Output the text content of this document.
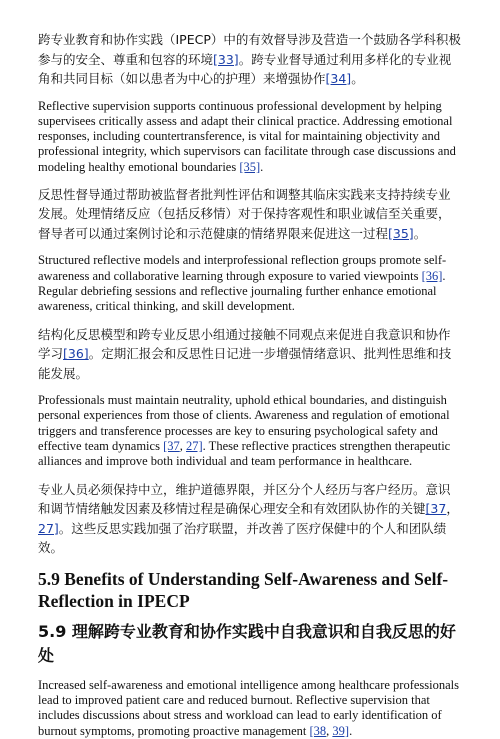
跨专业教育和协作实践（IPECP）中的有效督导涉及营造一个鼓励各学科积极参与的安全、尊重和包容的环境[33]。跨专业督导通过利用多样化的专业视角和共同目标（如以患者为中心的护理）来增强协作[34]。

Reflective supervision supports continuous professional development by helping supervisees critically assess and adapt their clinical practice. Addressing emotional responses, including countertransference, is vital for maintaining objectivity and professional integrity, which supervisors can facilitate through case discussions and modeling healthy emotional boundaries [35].

反思性督导通过帮助被监督者批判性评估和调整其临床实践来支持持续专业发展。处理情绪反应（包括反移情）对于保持客观性和职业诚信至关重要，督导者可以通过案例讨论和示范健康的情绪界限来促进这一过程[35]。

Structured reflective models and interprofessional reflection groups promote self-awareness and collaborative learning through exposure to varied viewpoints [36]. Regular debriefing sessions and reflective journaling further enhance emotional awareness, critical thinking, and skill development.

结构化反思模型和跨专业反思小组通过接触不同观点来促进自我意识和协作学习[36]。定期汇报会和反思性日记进一步增强情绪意识、批判性思维和技能发展。

Professionals must maintain neutrality, uphold ethical boundaries, and distinguish personal experiences from those of clients. Awareness and regulation of emotional triggers and transference processes are key to ensuring psychological safety and effective team dynamics [37, 27]. These reflective practices strengthen therapeutic alliances and improve both individual and team performance in healthcare.

专业人员必须保持中立，维护道德界限，并区分个人经历与客户经历。意识和调节情绪触发因素及移情过程是确保心理安全和有效团队协作的关键[37， 27]。这些反思实践加强了治疗联盟，并改善了医疗保健中的个人和团队绩效。

5.9 Benefits of Understanding Self-Awareness and Self-Reflection in IPECP
5.9 理解跨专业教育和协作实践中自我意识和自我反思的好处

Increased self-awareness and emotional intelligence among healthcare professionals lead to improved patient care and reduced burnout. Reflective supervision that includes discussions about stress and workload can lead to early identification of burnout symptoms, promoting proactive management [38, 39].
